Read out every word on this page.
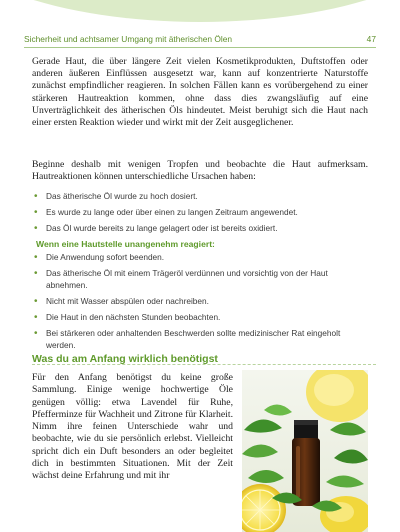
Sicherheit und achtsamer Umgang mit ätherischen Ölen	47

Gerade Haut, die über längere Zeit vielen Kosmetikprodukten, Duftstoffen oder anderen äußeren Einflüssen ausgesetzt war, kann auf konzentrierte Naturstoffe zunächst empfindlicher reagieren. In solchen Fällen kann es vorübergehend zu einer stärkeren Hautreaktion kommen, ohne dass dies zwangsläufig auf eine Unverträglichkeit des ätherischen Öls hindeutet. Meist beruhigt sich die Haut nach einer ersten Reaktion wieder und wirkt mit der Zeit ausgeglichener.

Beginne deshalb mit wenigen Tropfen und beobachte die Haut aufmerksam. Hautreaktionen können unterschiedliche Ursachen haben:

• Das ätherische Öl wurde zu hoch dosiert.
• Es wurde zu lange oder über einen zu langen Zeitraum angewendet.
• Das Öl wurde bereits zu lange gelagert oder ist bereits oxidiert.

Wenn eine Hautstelle unangenehm reagiert:

• Die Anwendung sofort beenden.
• Das ätherische Öl mit einem Trägeröl verdünnen und vorsichtig von der Haut abnehmen.
• Nicht mit Wasser abspülen oder nachreiben.
• Die Haut in den nächsten Stunden beobachten.
• Bei stärkeren oder anhaltenden Beschwerden sollte medizinischer Rat eingeholt werden.
Was du am Anfang wirklich benötigst

Für den Anfang benötigst du keine große Sammlung. Einige wenige hochwertige Öle genügen völlig: etwa Lavendel für Ruhe, Pfefferminze für Wachheit und Zitrone für Klarheit. Nimm ihre feinen Unterschiede wahr und beobachte, wie du sie persönlich erlebst. Vielleicht spricht dich ein Duft besonders an oder begleitet dich in bestimmten Situationen. Mit der Zeit wächst deine Erfahrung und mit ihr
